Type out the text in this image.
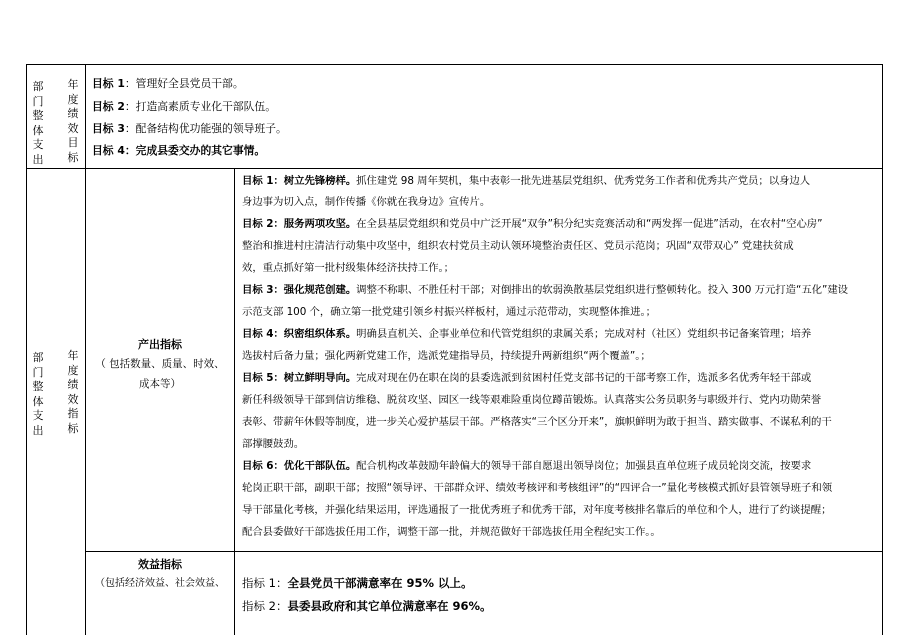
部
门
整
体
支
出
年
度
绩
效
目
标
目标 1：管理好全县党员干部。
目标 2：打造高素质专业化干部队伍。
目标 3：配备结构优功能强的领导班子。
目标 4：完成县委交办的其它事情。
部
门
整
体
支
出
年
度
绩
效
指
标
产出指标
（ 包括数量、质量、时效、
成本等）
目标 1：树立先锋榜样。抓住建党 98 周年契机，集中表彰一批先进基层党组织、优秀党务工作者和优秀共产党员；以身边人
身边事为切入点，制作传播《你就在我身边》宣传片。
目标 2：服务两项攻坚。在全县基层党组织和党员中广泛开展“双争”积分纪实竞赛活动和“两发挥一促进”活动，在农村“空心房”
整治和推进村庄清洁行动集中攻坚中，组织农村党员主动认领环境整治责任区、党员示范岗；巩固“双带双心” 党建扶贫成
效，重点抓好第一批村级集体经济扶持工作。；
目标 3：强化规范创建。调整不称职、不胜任村干部；对倒排出的软弱涣散基层党组织进行整顿转化。投入 300 万元打造“五化”建设
示范支部 100 个，确立第一批党建引领乡村振兴样板村，通过示范带动，实现整体推进。；
目标 4：织密组织体系。明确县直机关、企事业单位和代管党组织的隶属关系；完成对村（社区）党组织书记备案管理；培养
选拔村后备力量；强化两新党建工作，选派党建指导员，持续提升两新组织“两个覆盖”。；
目标 5：树立鲜明导向。完成对现在仍在职在岗的县委选派到贫困村任党支部书记的干部考察工作，选派多名优秀年轻干部或
新任科级领导干部到信访维稳、脱贫攻坚、园区一线等艰难险重岗位蹲苗锻炼。认真落实公务员职务与职级并行、党内功勋荣誉
表彰、带薪年休假等制度，进一步关心爱护基层干部。严格落实“三个区分开来”，旗帜鲜明为敢于担当、踏实做事、不谋私利的干
部撑腰鼓劲。
目标 6：优化干部队伍。配合机构改革鼓励年龄偏大的领导干部自愿退出领导岗位；加强县直单位班子成员轮岗交流，按要求
轮岗正职干部，副职干部；按照“领导评、干部群众评、绩效考核评和考核组评”的“四评合一”量化考核模式抓好县管领导班子和领
导干部量化考核，并强化结果运用，评选通报了一批优秀班子和优秀干部，对年度考核排名靠后的单位和个人，进行了约谈提醒；
配合县委做好干部选拔任用工作，调整干部一批，并规范做好干部选拔任用全程纪实工作。。
效益指标
（包括经济效益、社会效益、	指标 1：全县党员干部满意率在 95% 以上。
指标 2：县委县政府和其它单位满意率在 96%。
